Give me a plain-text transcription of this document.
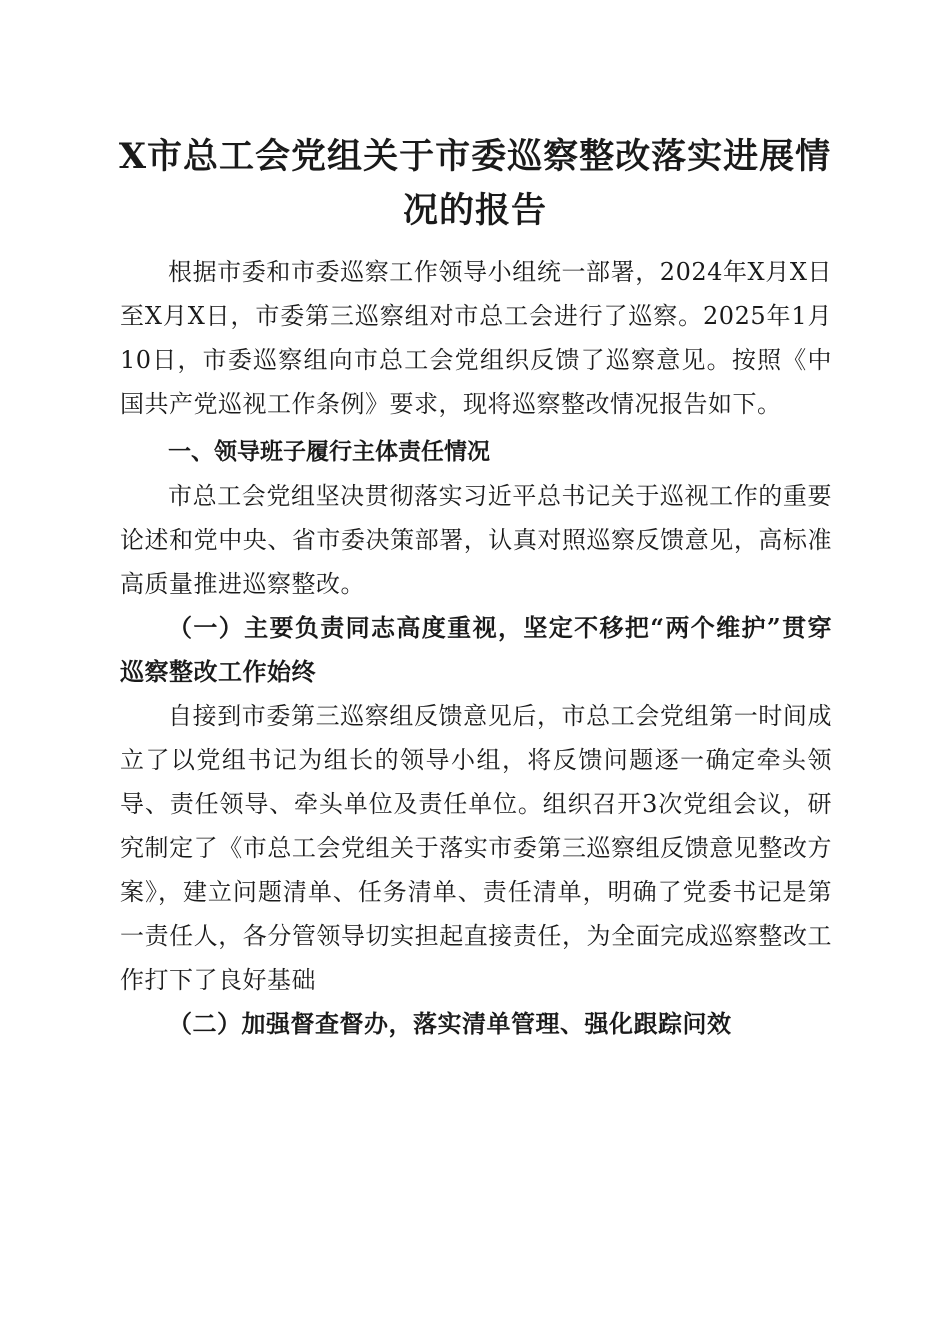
X市总工会党组关于市委巡察整改落实进展情况的报告

根据市委和市委巡察工作领导小组统一部署，2024年X月X日至X月X日，市委第三巡察组对市总工会进行了巡察。2025年1月10日，市委巡察组向市总工会党组织反馈了巡察意见。按照《中国共产党巡视工作条例》要求，现将巡察整改情况报告如下。

一、领导班子履行主体责任情况

市总工会党组坚决贯彻落实习近平总书记关于巡视工作的重要论述和党中央、省市委决策部署，认真对照巡察反馈意见，高标准高质量推进巡察整改。

（一）主要负责同志高度重视，坚定不移把“两个维护”贯穿巡察整改工作始终

自接到市委第三巡察组反馈意见后，市总工会党组第一时间成立了以党组书记为组长的领导小组，将反馈问题逐一确定牵头领导、责任领导、牵头单位及责任单位。组织召开3次党组会议，研究制定了《市总工会党组关于落实市委第三巡察组反馈意见整改方案》，建立问题清单、任务清单、责任清单，明确了党委书记是第一责任人，各分管领导切实担起直接责任，为全面完成巡察整改工作打下了良好基础

（二）加强督查督办，落实清单管理、强化跟踪问效
